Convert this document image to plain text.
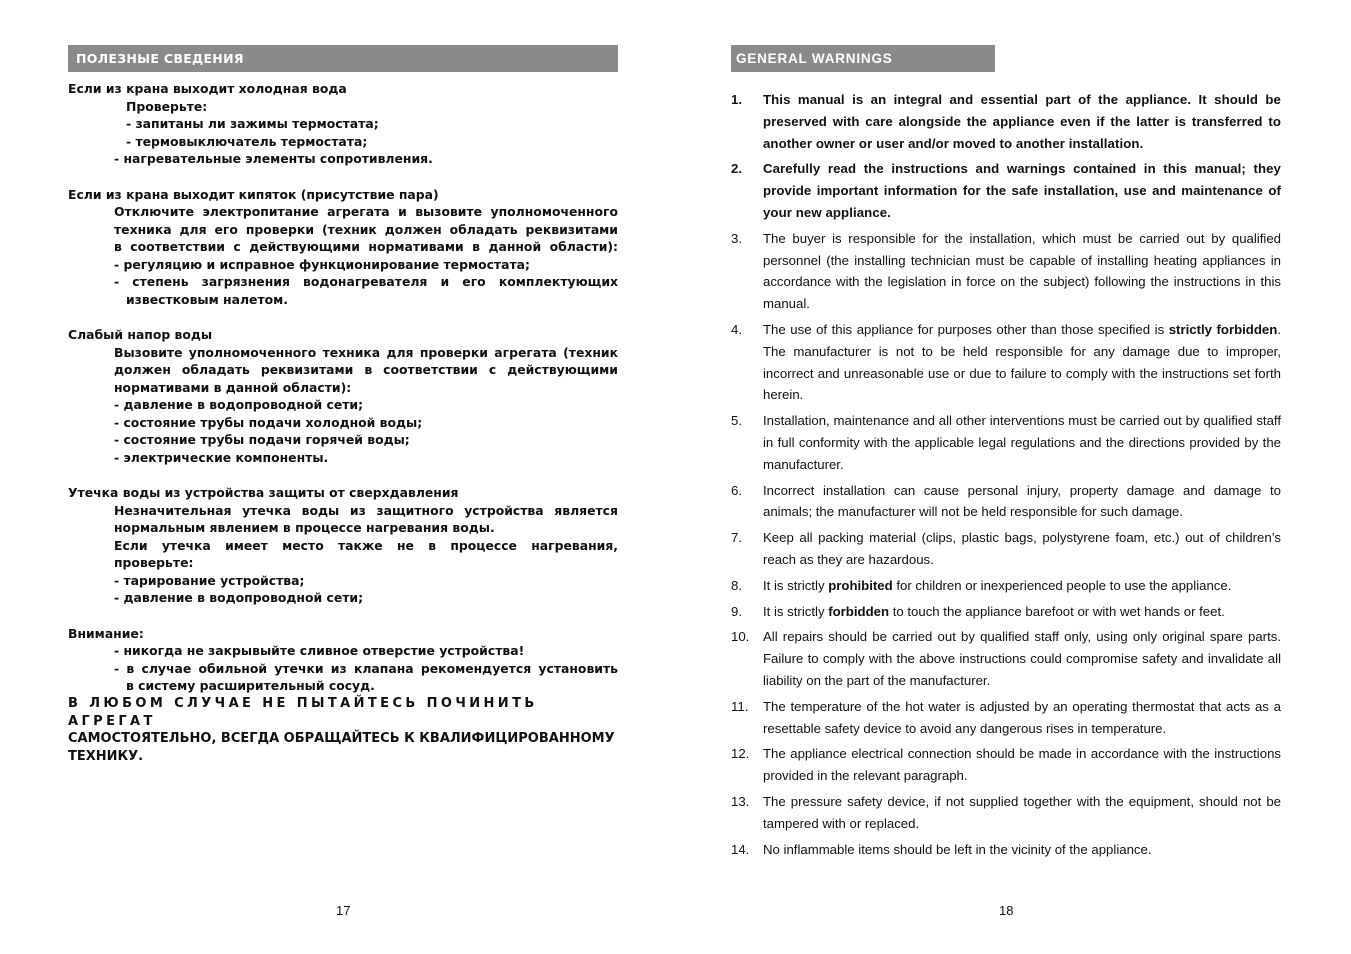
ПОЛЕЗНЫЕ СВЕДЕНИЯ
Если из крана выходит холодная вода
Проверьте:
- запитаны ли зажимы термостата;
- термовыключатель термостата;
- нагревательные элементы сопротивления.
Если из крана выходит кипяток (присутствие пара)
Отключите электропитание агрегата и вызовите уполномоченного
техника для его проверки (техник должен обладать реквизитами
в соответствии с действующими нормативами в данной области):
- регуляцию и исправное функционирование термостата;
- степень загрязнения водонагревателя и его комплектующих
известковым налетом.
Слабый напор воды
Вызовите уполномоченного техника для проверки агрегата (техник
должен обладать реквизитами в соответствии с действующими
нормативами в данной области):
- давление в водопроводной сети;
- состояние трубы подачи холодной воды;
- состояние трубы подачи горячей воды;
- электрические компоненты.
Утечка воды из устройства защиты от сверхдавления
Незначительная утечка воды из защитного устройства является
нормальным явлением в процессе нагревания воды.
Если утечка имеет место также не в процессе нагревания,
проверьте:
- тарирование устройства;
- давление в водопроводной сети;
Внимание:
- никогда не закрывыйте сливное отверстие устройства!
- в случае обильной утечки из клапана рекомендуется установить
в систему расширительный сосуд.
В ЛЮБОМ СЛУЧАЕ НЕ ПЫТАЙТЕСЬ ПОЧИНИТЬ АГРЕГАТ
САМОСТОЯТЕЛЬНО, ВСЕГДА ОБРАЩАЙТЕСЬ К КВАЛИФИЦИРОВАННОМУ
ТЕХНИКУ.
17
GENERAL WARNINGS
1.	This manual is an integral and essential part of the appliance. It should be preserved with care alongside the appliance even if the latter is transferred to another owner or user and/or moved to another installation.
2.	Carefully read the instructions and warnings contained in this manual; they provide important information for the safe installation, use and maintenance of your new appliance.
3.	The buyer is responsible for the installation, which must be carried out by qualified personnel (the installing technician must be capable of installing heating appliances in accordance with the legislation in force on the subject) following the instructions in this manual.
4.	The use of this appliance for purposes other than those specified is strictly forbidden. The manufacturer is not to be held responsible for any damage due to improper, incorrect and unreasonable use or due to failure to comply with the instructions set forth herein.
5.	Installation, maintenance and all other interventions must be carried out by qualified staff in full conformity with the applicable legal regulations and the directions provided by the manufacturer.
6.	Incorrect installation can cause personal injury, property damage and damage to animals; the manufacturer will not be held responsible for such damage.
7.	Keep all packing material (clips, plastic bags, polystyrene foam, etc.) out of children’s reach as they are hazardous.
8.	It is strictly prohibited for children or inexperienced people to use the appliance.
9.	It is strictly forbidden to touch the appliance barefoot or with wet hands or feet.
10.	All repairs should be carried out by qualified staff only, using only original spare parts. Failure to comply with the above instructions could compromise safety and invalidate all liability on the part of the manufacturer.
11.	The temperature of the hot water is adjusted by an operating thermostat that acts as a resettable safety device to avoid any dangerous rises in temperature.
12.	The appliance electrical connection should be made in accordance with the instructions provided in the relevant paragraph.
13.	The pressure safety device, if not supplied together with the equipment, should not be tampered with or replaced.
14.	No inflammable items should be left in the vicinity of the appliance.
18
